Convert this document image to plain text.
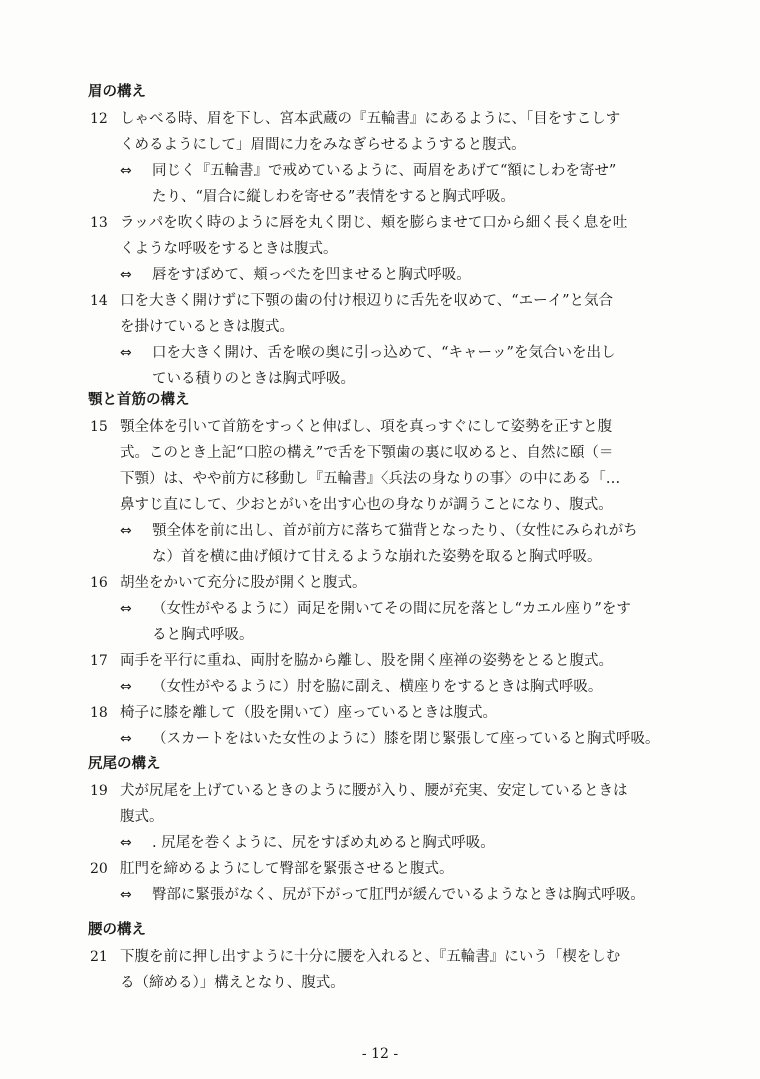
眉の構え
12 しゃべる時、眉を下し、宮本武蔵の『五輪書』にあるように、「目をすこしす
くめるようにして」眉間に力をみなぎらせるようすると腹式。
⇔	同じく『五輪書』で戒めているように、両眉をあげて“額にしわを寄せ”
たり、“眉合に縦しわを寄せる”表情をすると胸式呼吸。
13 ラッパを吹く時のように唇を丸く閉じ、頬を膨らませて口から細く長く息を吐
くような呼吸をするときは腹式。
⇔	唇をすぼめて、頬っぺたを凹ませると胸式呼吸。
14 口を大きく開けずに下顎の歯の付け根辺りに舌先を収めて、“エーイ”と気合
を掛けているときは腹式。
⇔	口を大きく開け、舌を喉の奥に引っ込めて、“キャーッ”を気合いを出し
ている積りのときは胸式呼吸。
顎と首筋の構え
15 顎全体を引いて首筋をすっくと伸ばし、項を真っすぐにして姿勢を正すと腹
式。このとき上記“口腔の構え”で舌を下顎歯の裏に収めると、自然に頤（＝
下顎）は、やや前方に移動し『五輪書』〈兵法の身なりの事〉の中にある「…
鼻すじ直にして、少おとがいを出す心也の身なりが調うことになり、腹式。
⇔	顎全体を前に出し、首が前方に落ちて猫背となったり、（女性にみられがち
な）首を横に曲げ傾けて甘えるような崩れた姿勢を取ると胸式呼吸。
16 胡坐をかいて充分に股が開くと腹式。
⇔	（女性がやるように）両足を開いてその間に尻を落とし“カエル座り”をす
ると胸式呼吸。
17 両手を平行に重ね、両肘を脇から離し、股を開く座禅の姿勢をとると腹式。
⇔	（女性がやるように）肘を脇に副え、横座りをするときは胸式呼吸。
18 椅子に膝を離して（股を開いて）座っているときは腹式。
⇔	（スカートをはいた女性のように）膝を閉じ緊張して座っていると胸式呼吸。
尻尾の構え
19 犬が尻尾を上げているときのように腰が入り、腰が充実、安定しているときは
腹式。
⇔	. 尻尾を巻くように、尻をすぼめ丸めると胸式呼吸。
20 肛門を締めるようにして臀部を緊張させると腹式。
⇔	臀部に緊張がなく、尻が下がって肛門が緩んでいるようなときは胸式呼吸。
腰の構え
21 下腹を前に押し出すように十分に腰を入れると、『五輪書』にいう「楔をしむ
る（締める）」構えとなり、腹式。
- 12 -
